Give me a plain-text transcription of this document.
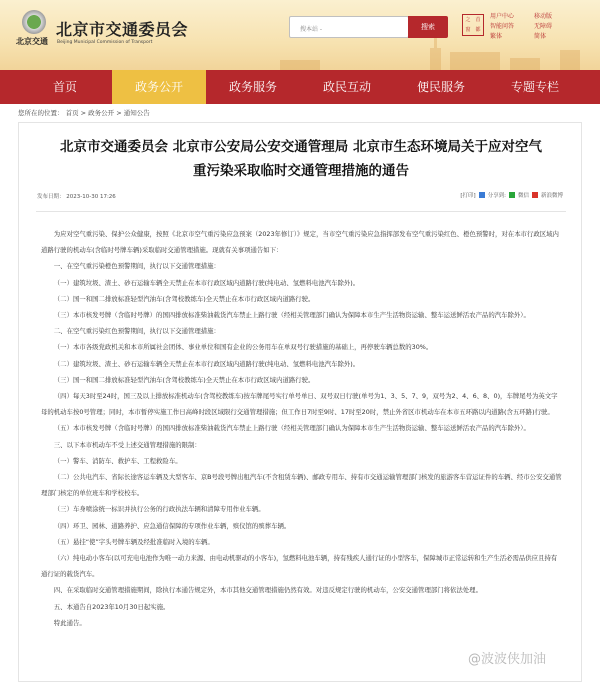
北京交通
北京市交通委员会
Beijing Municipal Commission of Transport
搜本站 -	搜索
之 首
窗 都
用户中心
智能问答
繁体
移动版
无障碍
简体
首页	政务公开	政务服务	政民互动	便民服务	专题专栏
您所在的位置： 首页 > 政务公开 > 通知公告
北京市交通委员会 北京市公安局公安交通管理局 北京市生态环境局关于应对空气
重污染采取临时交通管理措施的通告
发布日期： 2023-10-30 17:26	[打印] 分享到: 微信 新浪微博

为应对空气重污染、保护公众健康，按照《北京市空气重污染应急预案（2023年修订）》规定，当市空气重污染应急指挥部发布空气重污染红色、橙色预警时，对在本市行政区域内道路行驶的机动车(含临时号牌车辆)采取临时交通管理措施。现就有关事项通告如下：

一、在空气重污染橙色预警期间，执行以下交通管理措施：

（一）建筑垃圾、渣土、砂石运输车辆全天禁止在本市行政区域内道路行驶(纯电动、氢燃料电池汽车除外)。

（二）国一和国二排放标准轻型汽油车(含驾校教练车)全天禁止在本市行政区域内道路行驶。

（三）本市核发号牌（含临时号牌）的国四排放标准柴油载货汽车禁止上路行驶（经相关管理部门确认为保障本市生产生活物资运输、整车运送鲜活农产品的汽车除外）。

二、在空气重污染红色预警期间，执行以下交通管理措施：

（一）本市各级党政机关和本市所属社会团体、事业单位和国有企业的公务用车在单双号行驶措施的基础上，再停驶车辆总数的30%。

（二）建筑垃圾、渣土、砂石运输车辆全天禁止在本市行政区域内道路行驶(纯电动、氢燃料电池汽车除外)。

（三）国一和国二排放标准轻型汽油车(含驾校教练车)全天禁止在本市行政区域内道路行驶。

（四）每天3时至24时，国三及以上排放标准机动车(含驾校教练车)按车牌尾号实行单号单日、双号双日行驶(单号为1、3、5、7、9，双号为2、4、6、8、0)，车牌尾号为英文字母的机动车按0号管理；同时，本市暂停实施工作日高峰时段区域限行交通管理措施；但工作日7时至9时、17时至20时，禁止外省区市机动车在本市五环路以内道路(含五环路)行驶。

（五）本市核发号牌（含临时号牌）的国四排放标准柴油载货汽车禁止上路行驶（经相关管理部门确认为保障本市生产生活物资运输、整车运送鲜活农产品的汽车除外）。

三、以下本市机动车不受上述交通管理措施的限制：

（一）警车、消防车、救护车、工程救险车。

（二）公共电汽车、省际长途客运车辆及大型客车、京B号段号牌出租汽车(不含租赁车辆)、邮政专用车、持有市交通运输管理部门核发的旅游客车营运证件的车辆、经市公安交通管理部门核定的单位班车和学校校车。

（三）车身喷涂统一标识并执行公务的行政执法车辆和清障专用作业车辆。

（四）环卫、园林、道路养护、应急通信保障的专项作业车辆，殡仪馆的殡葬车辆。

（五）悬挂“使”字头号牌车辆及经批准临时入境的车辆。

（六）纯电动小客车(以可充电电池作为唯一动力来源、由电动机驱动的小客车)，氢燃料电池车辆，持有残疾人通行证的小型客车，保障城市正常运转和生产生活必需品供应且持有通行证的载货汽车。

四、在采取临时交通管理措施期间，除执行本通告规定外，本市其他交通管理措施仍然有效。对违反规定行驶的机动车，公安交通管理部门将依法处理。

五、本通告自2023年10月30日起实施。

特此通告。

@波波侠加油
